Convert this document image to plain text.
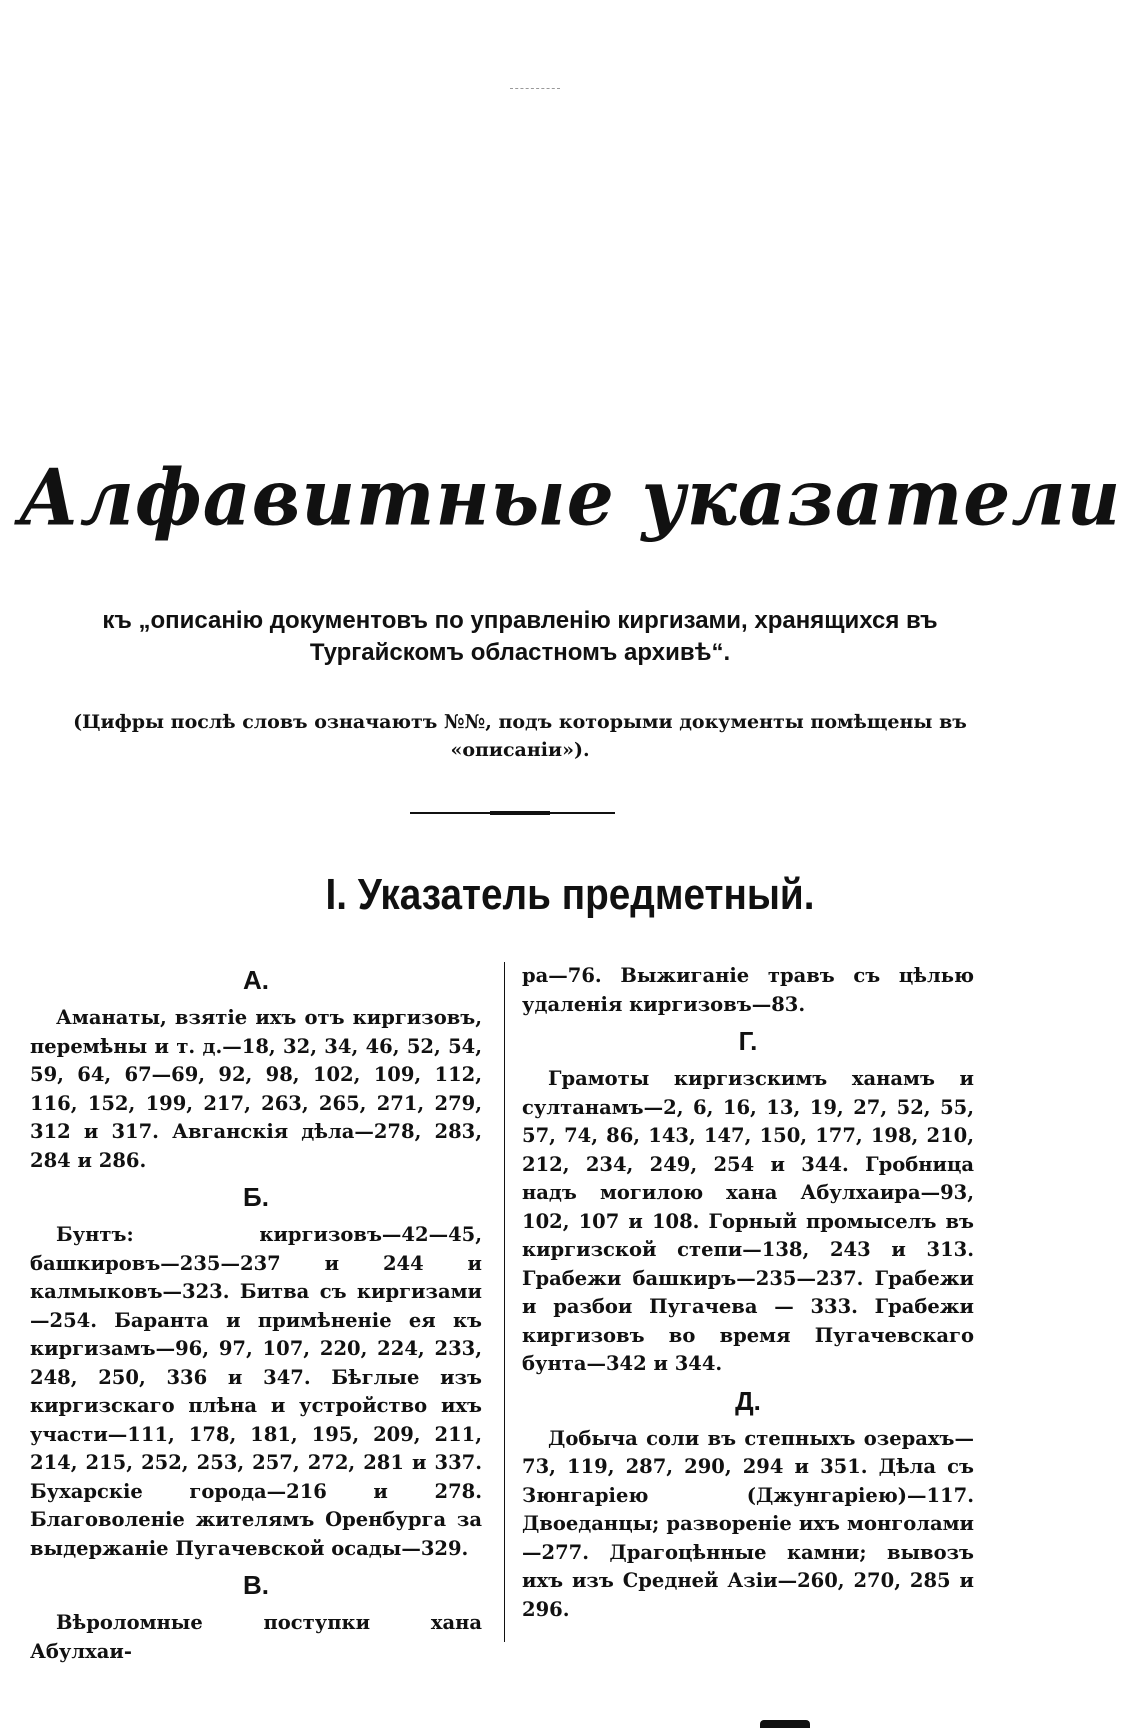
Алфавитные указатели
къ „описанію документовъ по управленію киргизами, хранящихся въ
Тургайскомъ областномъ архивѣ“.
(Цифры послѣ словъ означаютъ №№, подъ которыми документы помѣщены въ
«описаніи»).
I. Указатель предметный.
А.

Аманаты, взятіе ихъ отъ киргизовъ, перемѣны и т. д.—18, 32, 34, 46, 52, 54, 59, 64, 67—69, 92, 98, 102, 109, 112, 116, 152, 199, 217, 263, 265, 271, 279, 312 и 317. Авганскія дѣла—278, 283, 284 и 286.

Б.

Бунтъ: киргизовъ—42—45, башкировъ—235—237 и 244 и калмыковъ—323. Битва съ киргизами—254. Баранта и примѣненіе ея къ киргизамъ—96, 97, 107, 220, 224, 233, 248, 250, 336 и 347. Бѣглые изъ киргизскаго плѣна и устройство ихъ участи—111, 178, 181, 195, 209, 211, 214, 215, 252, 253, 257, 272, 281 и 337. Бухарскіе города—216 и 278. Благоволеніе жителямъ Оренбурга за выдержаніе Пугачевской осады—329.

В.

Вѣроломные поступки хана Абулхаи-

ра—76. Выжиганіе травъ съ цѣлью удаленія киргизовъ—83.

Г.

Грамоты киргизскимъ ханамъ и султанамъ—2, 6, 16, 13, 19, 27, 52, 55, 57, 74, 86, 143, 147, 150, 177, 198, 210, 212, 234, 249, 254 и 344. Гробница надъ могилою хана Абулхаира—93, 102, 107 и 108. Горный промыселъ въ киргизской степи—138, 243 и 313. Грабежи башкиръ—235—237. Грабежи и разбои Пугачева — 333. Грабежи киргизовъ во время Пугачевскаго бунта—342 и 344.

Д.

Добыча соли въ степныхъ озерахъ—73, 119, 287, 290, 294 и 351. Дѣла съ Зюнгаріею (Джунгаріею)—117. Двоеданцы; развореніе ихъ монголами—277. Драгоцѣнные камни; вывозъ ихъ изъ Средней Азіи—260, 270, 285 и 296.
